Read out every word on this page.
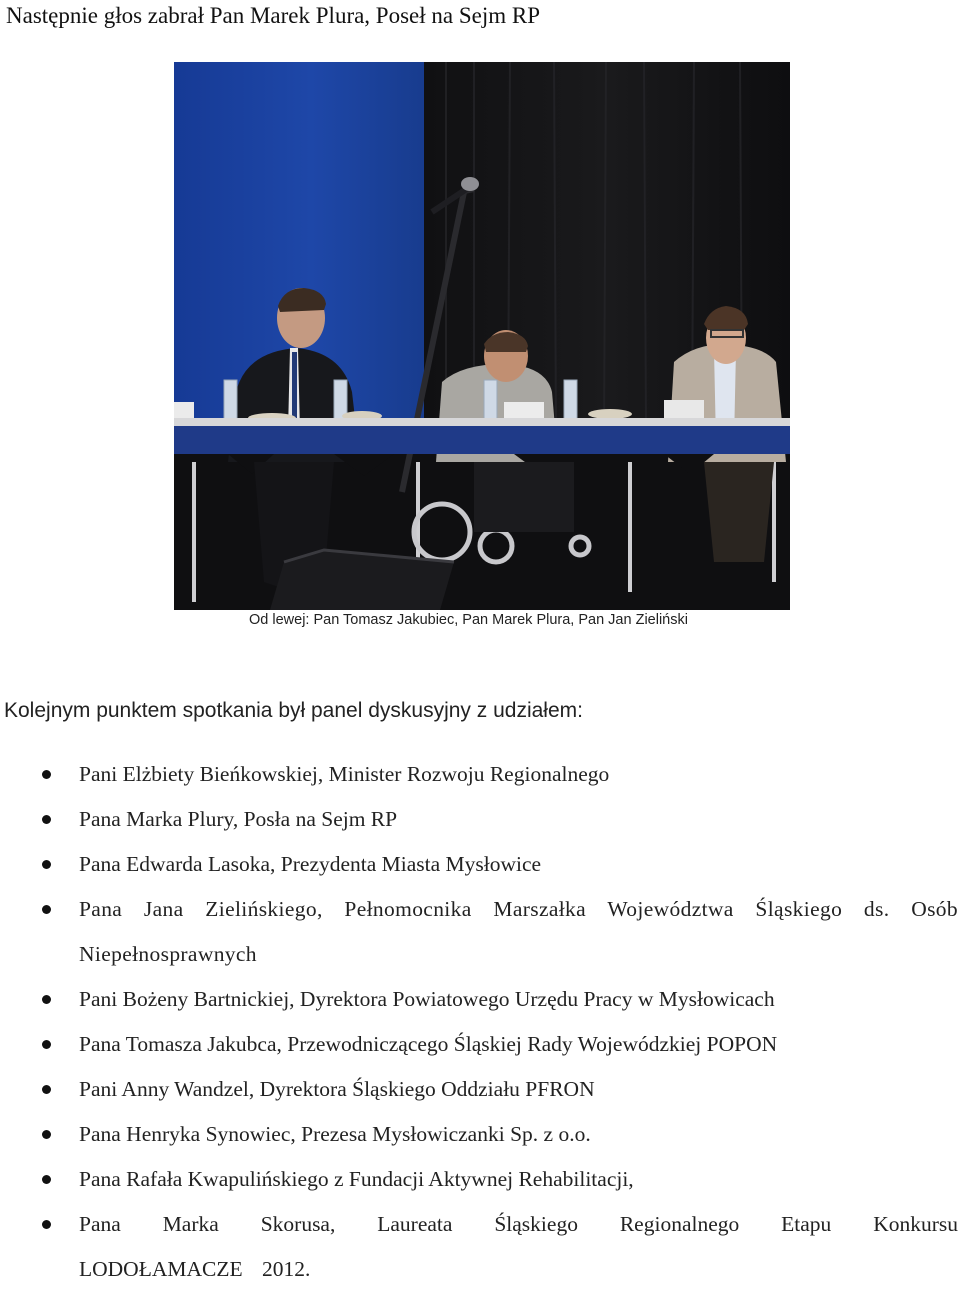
Następnie głos zabrał Pan Marek Plura, Poseł na Sejm RP
Od lewej: Pan Tomasz Jakubiec, Pan Marek Plura, Pan Jan Zieliński
Kolejnym punktem spotkania był panel dyskusyjny z udziałem:
Pani Elżbiety Bieńkowskiej, Minister Rozwoju Regionalnego
Pana Marka Plury, Posła na Sejm RP
Pana Edwarda Lasoka, Prezydenta Miasta Mysłowice
Pana Jana Zielińskiego, Pełnomocnika Marszałka Województwa Śląskiego ds. Osób Niepełnosprawnych
Pani Bożeny Bartnickiej, Dyrektora Powiatowego Urzędu Pracy w Mysłowicach
Pana Tomasza Jakubca, Przewodniczącego Śląskiej Rady Wojewódzkiej POPON
Pani Anny Wandzel, Dyrektora Śląskiego Oddziału PFRON
Pana Henryka Synowiec, Prezesa Mysłowiczanki Sp. z o.o.
Pana Rafała Kwapulińskiego z Fundacji Aktywnej Rehabilitacji,
Pana Marka Skorusa, Laureata Śląskiego Regionalnego Etapu Konkursu LODOŁAMACZE 2012.
